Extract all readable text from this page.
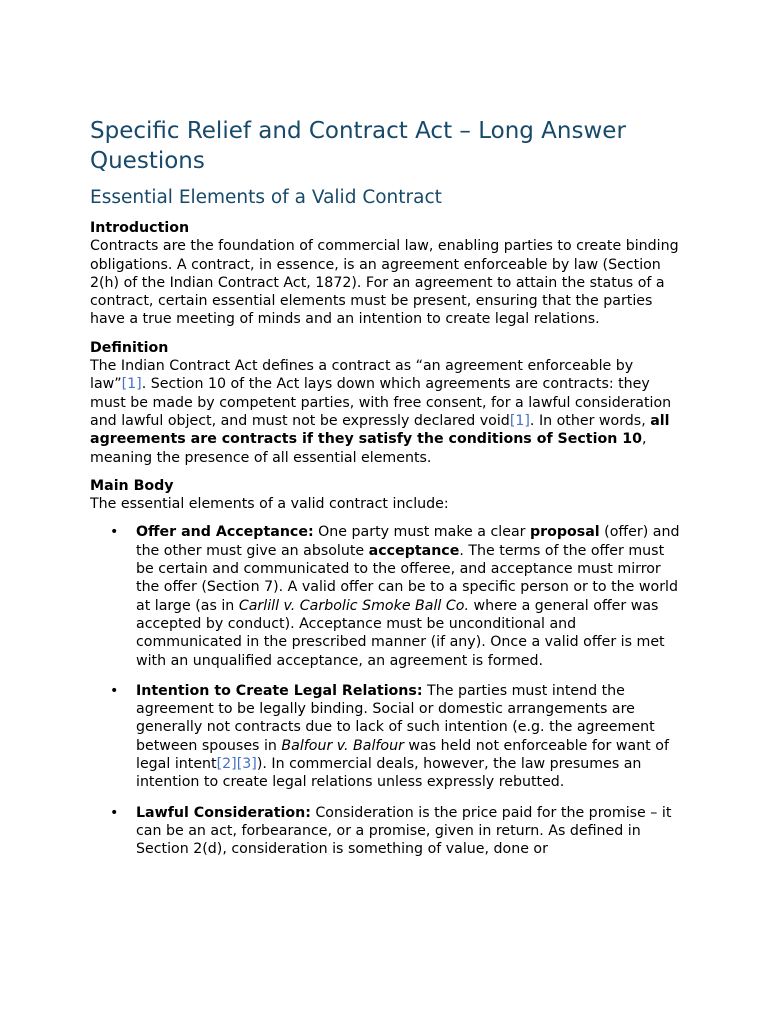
Specific Relief and Contract Act – Long Answer Questions
Essential Elements of a Valid Contract
Introduction

Contracts are the foundation of commercial law, enabling parties to create binding obligations. A contract, in essence, is an agreement enforceable by law (Section 2(h) of the Indian Contract Act, 1872). For an agreement to attain the status of a contract, certain essential elements must be present, ensuring that the parties have a true meeting of minds and an intention to create legal relations.

Definition

The Indian Contract Act defines a contract as “an agreement enforceable by law”[1]. Section 10 of the Act lays down which agreements are contracts: they must be made by competent parties, with free consent, for a lawful consideration and lawful object, and must not be expressly declared void[1]. In other words, all agreements are contracts if they satisfy the conditions of Section 10, meaning the presence of all essential elements.

Main Body

The essential elements of a valid contract include:

• Offer and Acceptance: One party must make a clear proposal (offer) and the other must give an absolute acceptance. The terms of the offer must be certain and communicated to the offeree, and acceptance must mirror the offer (Section 7). A valid offer can be to a specific person or to the world at large (as in Carlill v. Carbolic Smoke Ball Co. where a general offer was accepted by conduct). Acceptance must be unconditional and communicated in the prescribed manner (if any). Once a valid offer is met with an unqualified acceptance, an agreement is formed.
• Intention to Create Legal Relations: The parties must intend the agreement to be legally binding. Social or domestic arrangements are generally not contracts due to lack of such intention (e.g. the agreement between spouses in Balfour v. Balfour was held not enforceable for want of legal intent[2][3]). In commercial deals, however, the law presumes an intention to create legal relations unless expressly rebutted.
• Lawful Consideration: Consideration is the price paid for the promise – it can be an act, forbearance, or a promise, given in return. As defined in Section 2(d), consideration is something of value, done or
